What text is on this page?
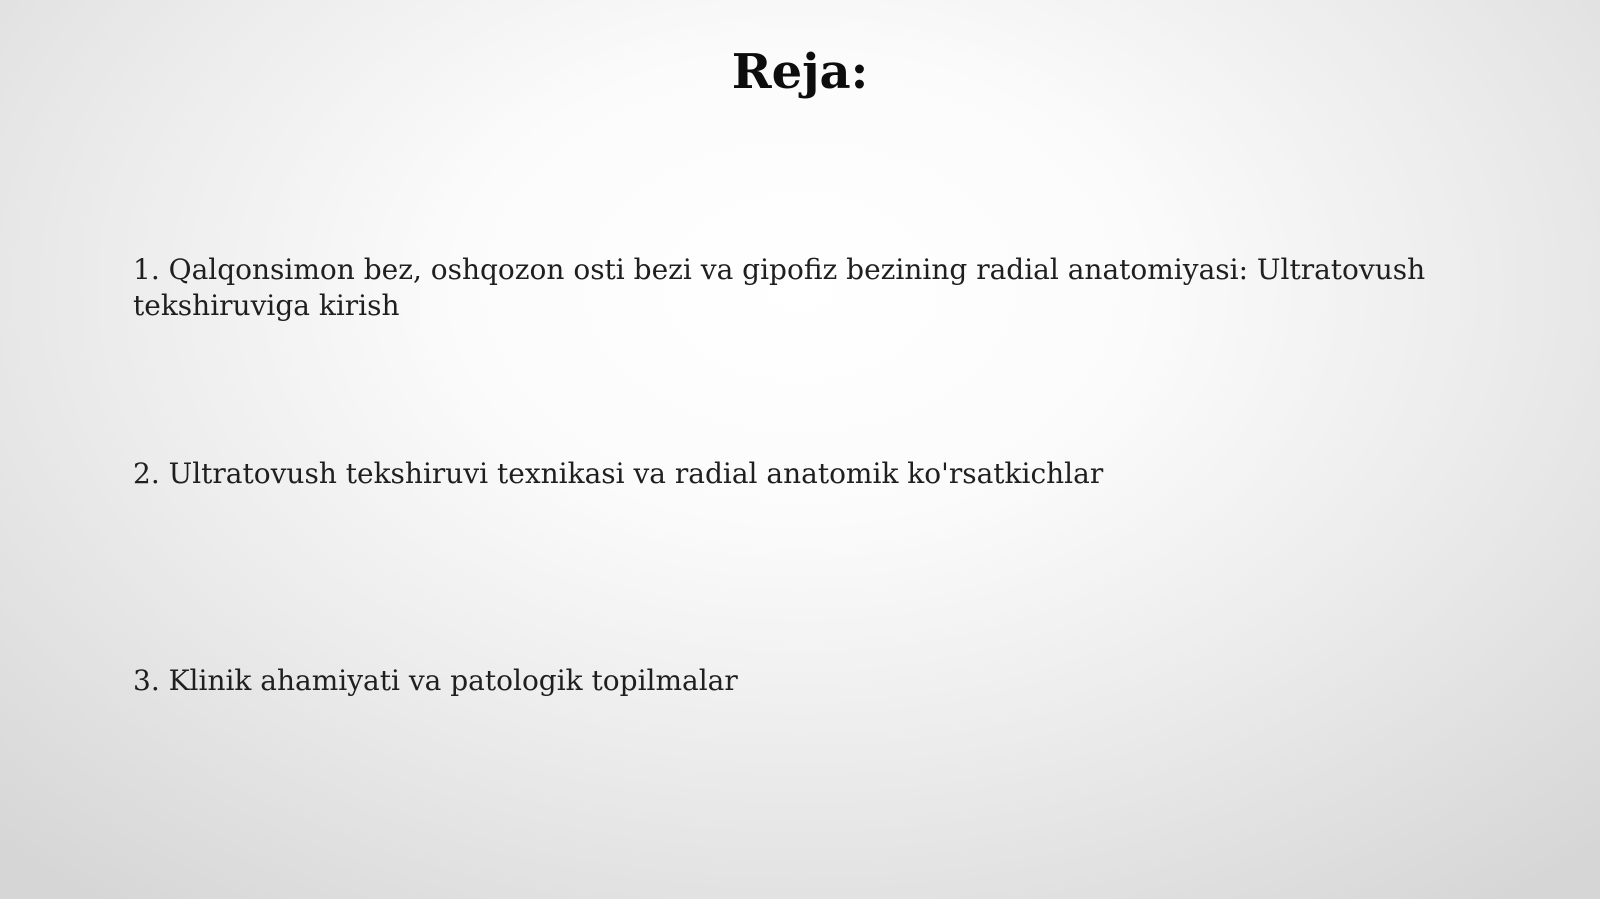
Reja:
1. Qalqonsimon bez, oshqozon osti bezi va gipofiz bezining radial anatomiyasi: Ultratovush tekshiruviga kirish
2. Ultratovush tekshiruvi texnikasi va radial anatomik ko'rsatkichlar
3. Klinik ahamiyati va patologik topilmalar
